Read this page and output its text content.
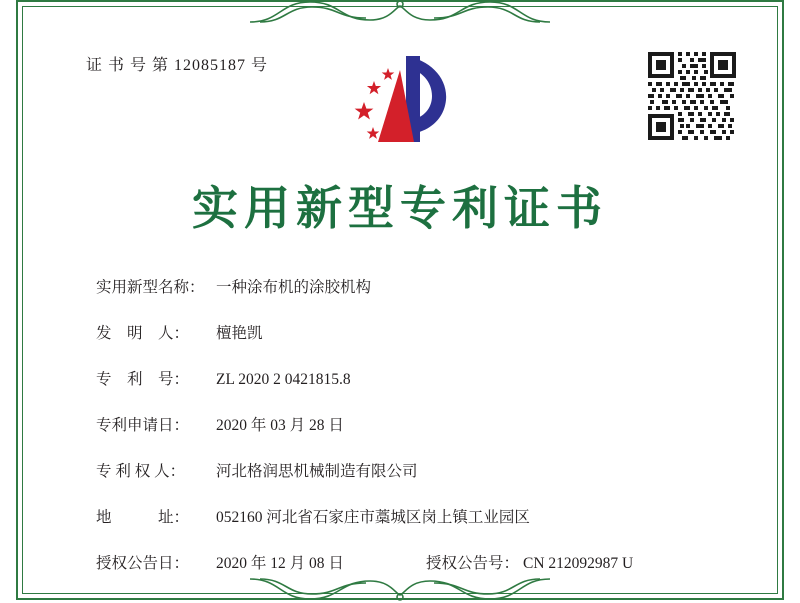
证 书 号 第 12085187 号
实用新型专利证书
实用新型名称： 一种涂布机的涂胶机构
发　明　人：	檀艳凯
专　利　号：	ZL 2020 2 0421815.8
专利申请日：	2020 年 03 月 28 日
专 利 权 人：	河北格润思机械制造有限公司
地　　　址：	052160 河北省石家庄市藁城区岗上镇工业园区
授权公告日：	2020 年 12 月 08 日	授权公告号： CN 212092987 U
